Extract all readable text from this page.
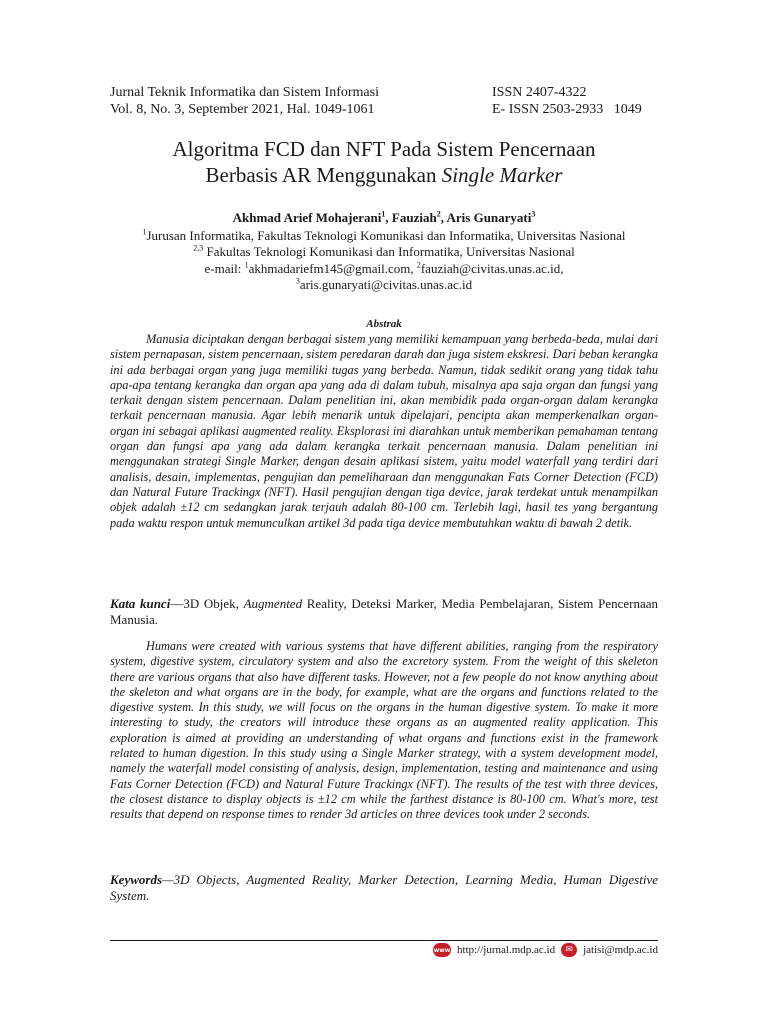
Jurnal Teknik Informatika dan Sistem Informasi	ISSN 2407-4322
Vol. 8, No. 3, September 2021, Hal. 1049-1061	E- ISSN 2503-2933 1049
Algoritma FCD dan NFT Pada Sistem Pencernaan
Berbasis AR Menggunakan Single Marker
Akhmad Arief Mohajerani$^1$, Fauziah$^2$, Aris Gunaryati$^3$
$^1$Jurusan Informatika, Fakultas Teknologi Komunikasi dan Informatika, Universitas Nasional
$^{2,3}$ Fakultas Teknologi Komunikasi dan Informatika, Universitas Nasional
e-mail: $^1$akhmadariefm145@gmail.com, $^2$fauziah@civitas.unas.ac.id,
$^3$aris.gunaryati@civitas.unas.ac.id
Abstrak

Manusia diciptakan dengan berbagai sistem yang memiliki kemampuan yang berbeda-beda, mulai dari sistem pernapasan, sistem pencernaan, sistem peredaran darah dan juga sistem ekskresi. Dari beban kerangka ini ada berbagai organ yang juga memiliki tugas yang berbeda. Namun, tidak sedikit orang yang tidak tahu apa-apa tentang kerangka dan organ apa yang ada di dalam tubuh, misalnya apa saja organ dan fungsi yang terkait dengan sistem pencernaan. Dalam penelitian ini, akan membidik pada organ-organ dalam kerangka terkait pencernaan manusia. Agar lebih menarik untuk dipelajari, pencipta akan memperkenalkan organ-organ ini sebagai aplikasi augmented reality. Eksplorasi ini diarahkan untuk memberikan pemahaman tentang organ dan fungsi apa yang ada dalam kerangka terkait pencernaan manusia. Dalam penelitian ini menggunakan strategi Single Marker, dengan desain aplikasi sistem, yaitu model waterfall yang terdiri dari analisis, desain, implementas, pengujian dan pemeliharaan dan menggunakan Fats Corner Detection (FCD) dan Natural Future Trackingx (NFT). Hasil pengujian dengan tiga device, jarak terdekat untuk menampilkan objek adalah ±12 cm sedangkan jarak terjauh adalah 80-100 cm. Terlebih lagi, hasil tes yang bergantung pada waktu respon untuk memunculkan artikel 3d pada tiga device membutuhkan waktu di bawah 2 detik.

Kata kunci—3D Objek, Augmented Reality, Deteksi Marker, Media Pembelajaran, Sistem Pencernaan Manusia.

Humans were created with various systems that have different abilities, ranging from the respiratory system, digestive system, circulatory system and also the excretory system. From the weight of this skeleton there are various organs that also have different tasks. However, not a few people do not know anything about the skeleton and what organs are in the body, for example, what are the organs and functions related to the digestive system. In this study, we will focus on the organs in the human digestive system. To make it more interesting to study, the creators will introduce these organs as an augmented reality application. This exploration is aimed at providing an understanding of what organs and functions exist in the framework related to human digestion. In this study using a Single Marker strategy, with a system development model, namely the waterfall model consisting of analysis, design, implementation, testing and maintenance and using Fats Corner Detection (FCD) and Natural Future Trackingx (NFT). The results of the test with three devices, the closest distance to display objects is ±12 cm while the farthest distance is 80-100 cm. What's more, test results that depend on response times to render 3d articles on three devices took under 2 seconds.

Keywords—3D Objects, Augmented Reality, Marker Detection, Learning Media, Human Digestive System.
www http://jurnal.mdp.ac.id	✉ jatisi@mdp.ac.id
